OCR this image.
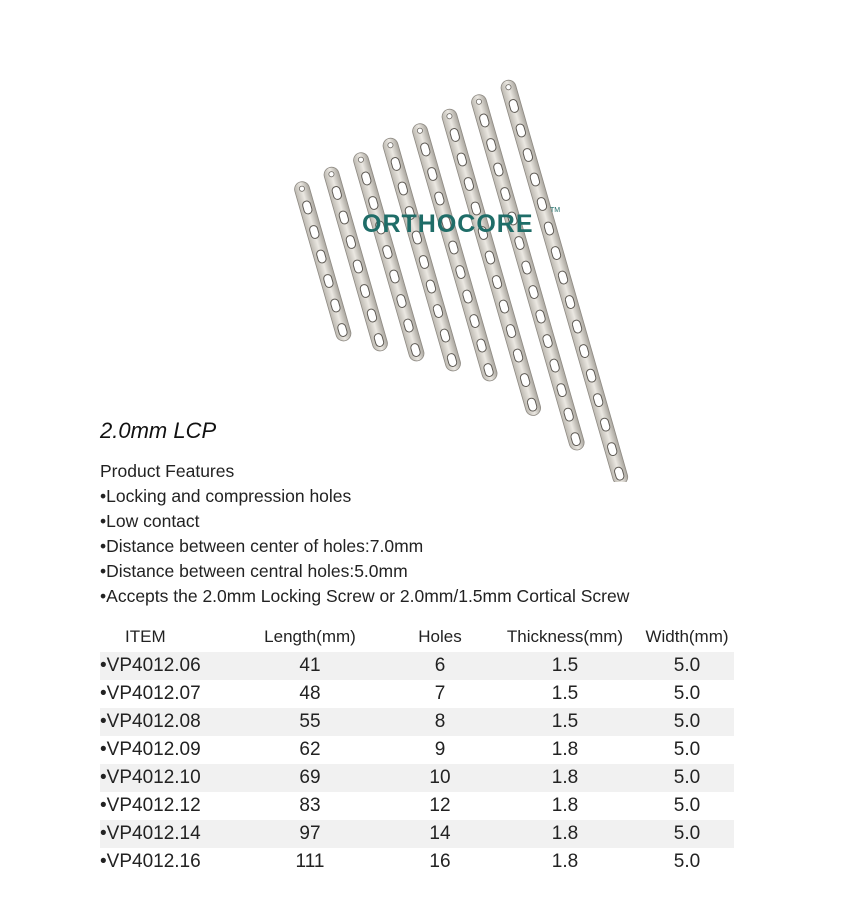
ORTHOCORE TM
2.0mm LCP
Product Features
• Locking and compression holes
• Low contact
• Distance between center of holes:7.0mm
• Distance between central holes:5.0mm
• Accepts the 2.0mm Locking Screw or 2.0mm/1.5mm Cortical Screw
ITEM	Length(mm)	Holes	Thickness(mm)	Width(mm)
• VP4012.06	41	6	1.5	5.0
• VP4012.07	48	7	1.5	5.0
• VP4012.08	55	8	1.5	5.0
• VP4012.09	62	9	1.8	5.0
• VP4012.10	69	10	1.8	5.0
• VP4012.12	83	12	1.8	5.0
• VP4012.14	97	14	1.8	5.0
• VP4012.16	111	16	1.8	5.0
